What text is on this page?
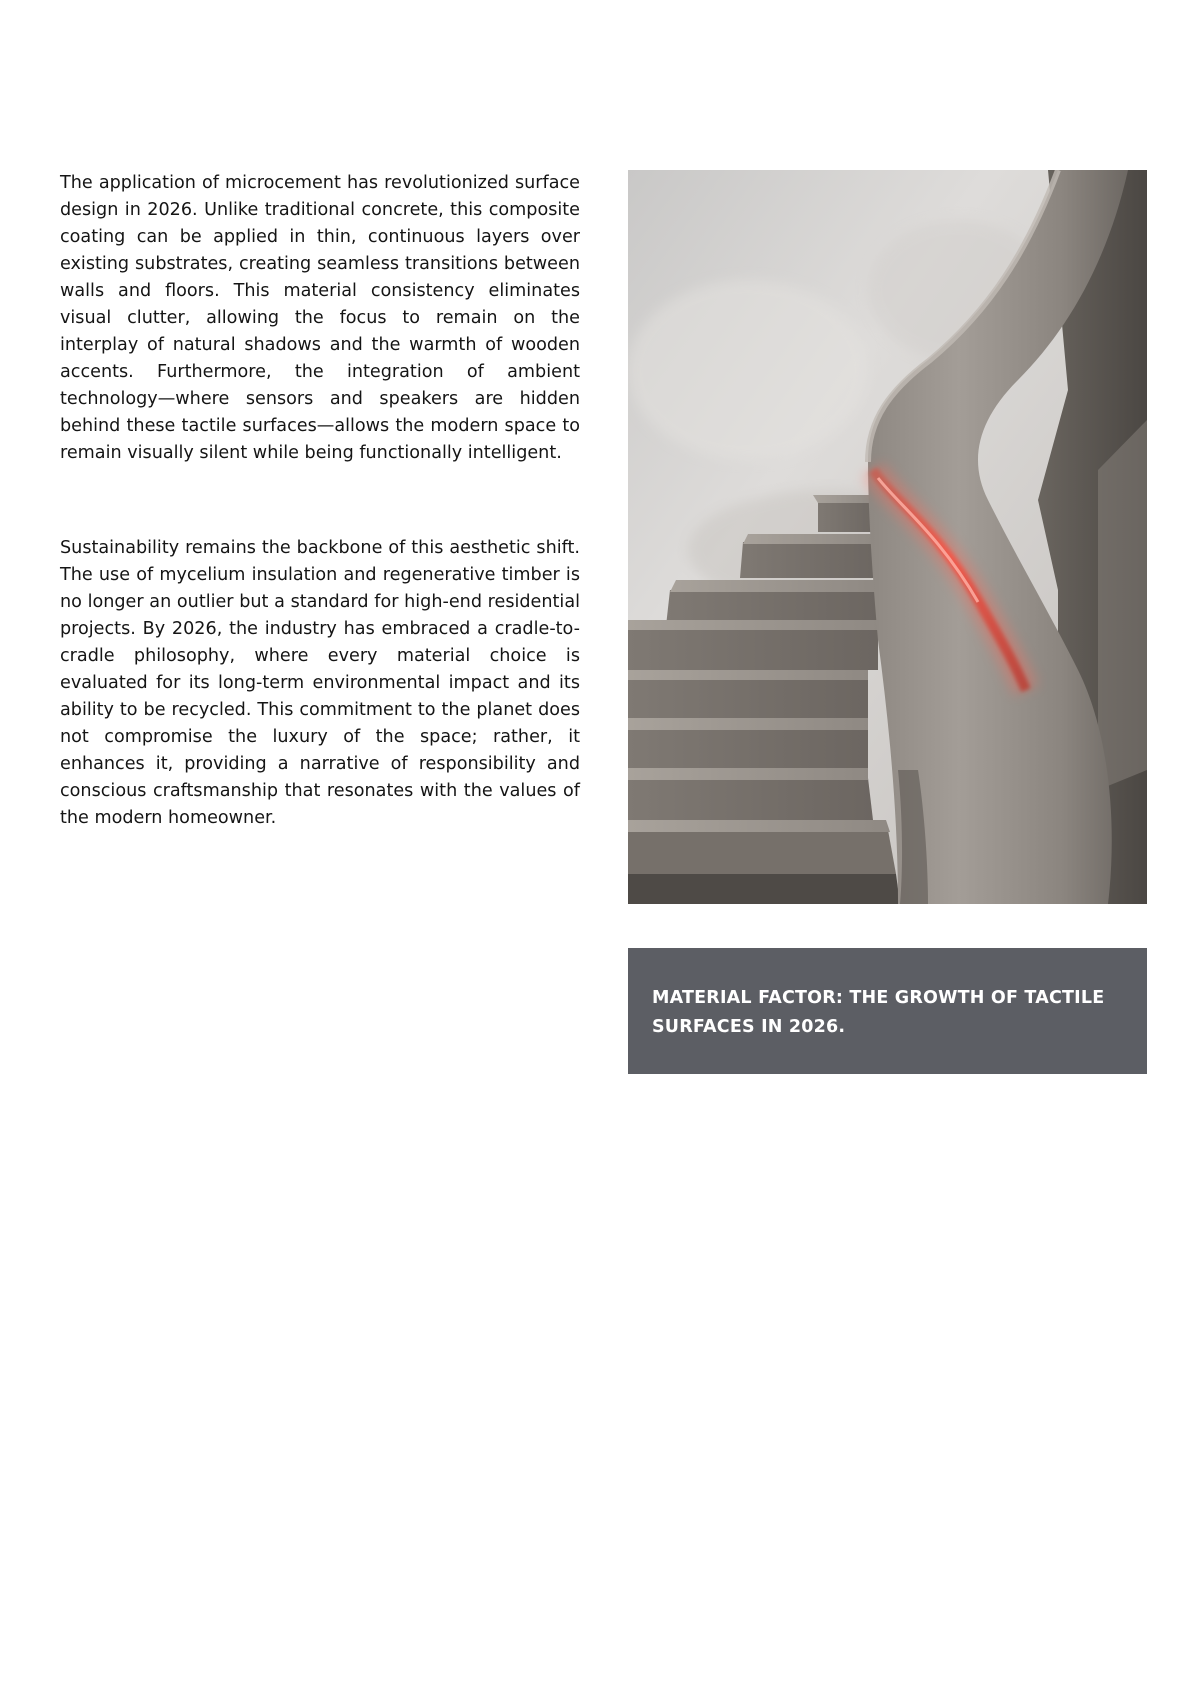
The application of microcement has revolutionized surface design in 2026. Unlike traditional concrete, this composite coating can be applied in thin, continuous layers over existing substrates, creating seamless transitions between walls and floors. This material consistency eliminates visual clutter, allowing the focus to remain on the interplay of natural shadows and the warmth of wooden accents. Furthermore, the integration of ambient technology—where sensors and speakers are hidden behind these tactile surfaces—allows the modern space to remain visually silent while being functionally intelligent.

Sustainability remains the backbone of this aesthetic shift. The use of mycelium insulation and regenerative timber is no longer an outlier but a standard for high-end residential projects. By 2026, the industry has embraced a cradle-to-cradle philosophy, where every material choice is evaluated for its long-term environmental impact and its ability to be recycled. This commitment to the planet does not compromise the luxury of the space; rather, it enhances it, providing a narrative of responsibility and conscious craftsmanship that resonates with the values of the modern homeowner.

MATERIAL FACTOR: THE GROWTH OF TACTILE SURFACES IN 2026.
